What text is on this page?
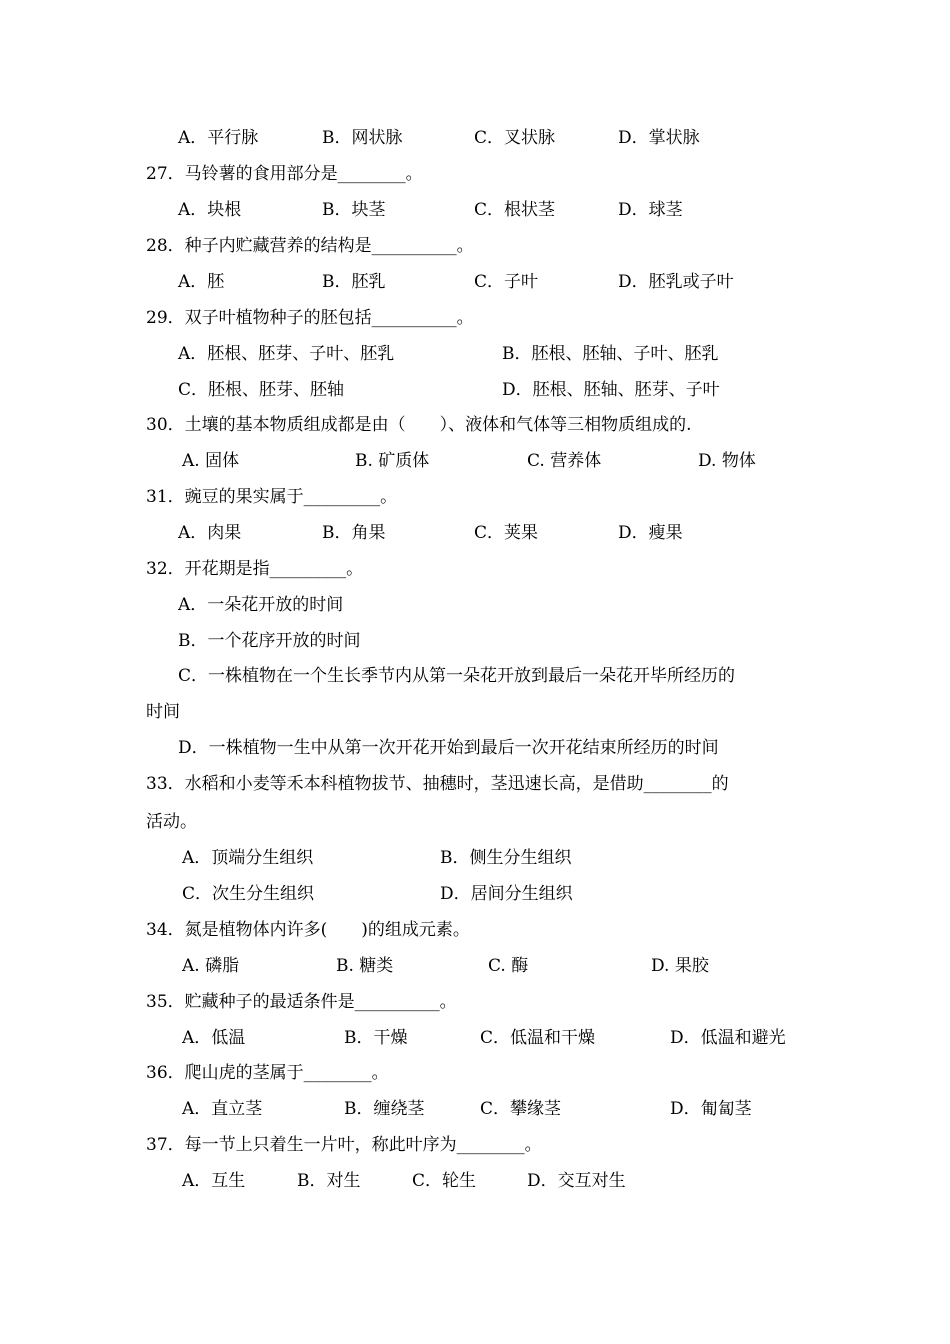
A．平行脉	B．网状脉	C．叉状脉	D．掌状脉
27．马铃薯的食用部分是________。
A．块根	B．块茎	C．根状茎	D．球茎
28．种子内贮藏营养的结构是__________。
A．胚	B．胚乳	C．子叶	D．胚乳或子叶
29．双子叶植物种子的胚包括__________。
A．胚根、胚芽、子叶、胚乳	B．胚根、胚轴、子叶、胚乳
C．胚根、胚芽、胚轴	D．胚根、胚轴、胚芽、子叶
30．土壤的基本物质组成都是由（　　）、液体和气体等三相物质组成的.
A. 固体	B. 矿质体	C. 营养体	D. 物体
31．豌豆的果实属于_________。
A．肉果	B．角果	C．荚果	D．瘦果
32．开花期是指_________。
A．一朵花开放的时间
B．一个花序开放的时间
C．一株植物在一个生长季节内从第一朵花开放到最后一朵花开毕所经历的
时间
D．一株植物一生中从第一次开花开始到最后一次开花结束所经历的时间
33．水稻和小麦等禾本科植物拔节、抽穗时，茎迅速长高，是借助________的
活动。
A．顶端分生组织	B．侧生分生组织
C．次生分生组织	D．居间分生组织
34．氮是植物体内许多(　　)的组成元素。
A. 磷脂	B. 糖类	C. 酶	D. 果胶
35．贮藏种子的最适条件是__________。
A．低温	B．干燥	C．低温和干燥	D．低温和避光
36．爬山虎的茎属于________。
A．直立茎	B．缠绕茎	C．攀缘茎	D．匍匐茎
37．每一节上只着生一片叶，称此叶序为________。
A．互生	B．对生	C．轮生	D．交互对生
